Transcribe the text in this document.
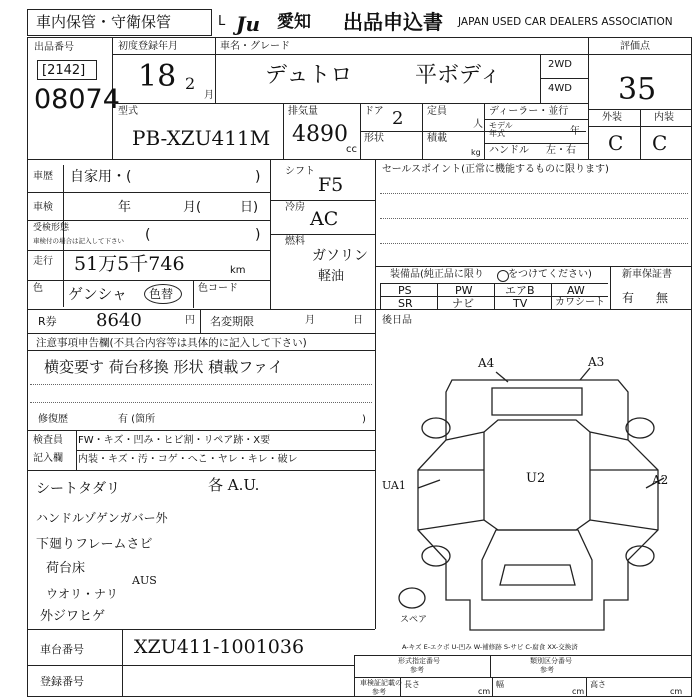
車内保管・守衛保管	L Ju 愛知 出品申込書 JAPAN USED CAR DEALERS ASSOCIATION
出品番号
[2142]
08074
初度登録年月
18 2
月
車名・グレード
デュトロ	平ボディ	2WD
4WD
評価点
35
外装	内装
C C
型式
PB-XZU411M
排気量
4890
cc
ドア 2
形状
定員
人
積載
kg
ディーラー・並行
モデル年式	年
ハンドル 左・右
車歴 自家用・(	)
車検	年	月(	日)
受検形態	(	)
車検付の場合は記入して下さい
走行 51万5千746	km
色 ゲンシャ 色替 色コード
シフト
F5
冷房
AC
燃料
ガソリン
軽油
セールスポイント(正常に機能するものに限ります)
装備品(純正品に限り をつけてください)	新車保証書
有 無
PS	PW	エアB	AW
SR	ナビ	TV	カワシート
R券 8640	円 名変期限	月	日 後日品
注意事項申告欄(不具合内容等は具体的に記入して下さい)
横変要す 荷台移換 形状 積載ファイ
修復歴	有 (箇所	)
検査員 FW・キズ・凹み・ヒビ割・リペア跡・X要
記入欄 内装・キズ・汚・コゲ・へこ・ヤレ・キレ・破レ
シートタダリ	各 A.U.
ハンドルゾゲンガバー外
下廻りフレームさビ
荷台床
AUS
ウオリ・ナリ
外ジワヒゲ
A4	A3
U2
UA1	A2
スペア
A-キズ E-エクボ U-凹み W-補修跡 S-サビ C-腐食 XX-交換済
車台番号	XZU411-1001036
登録番号
形式指定番号
参考
類別区分番号
参考
車検証記載の
参考
長さ
cm
幅
cm
高さ
cm
